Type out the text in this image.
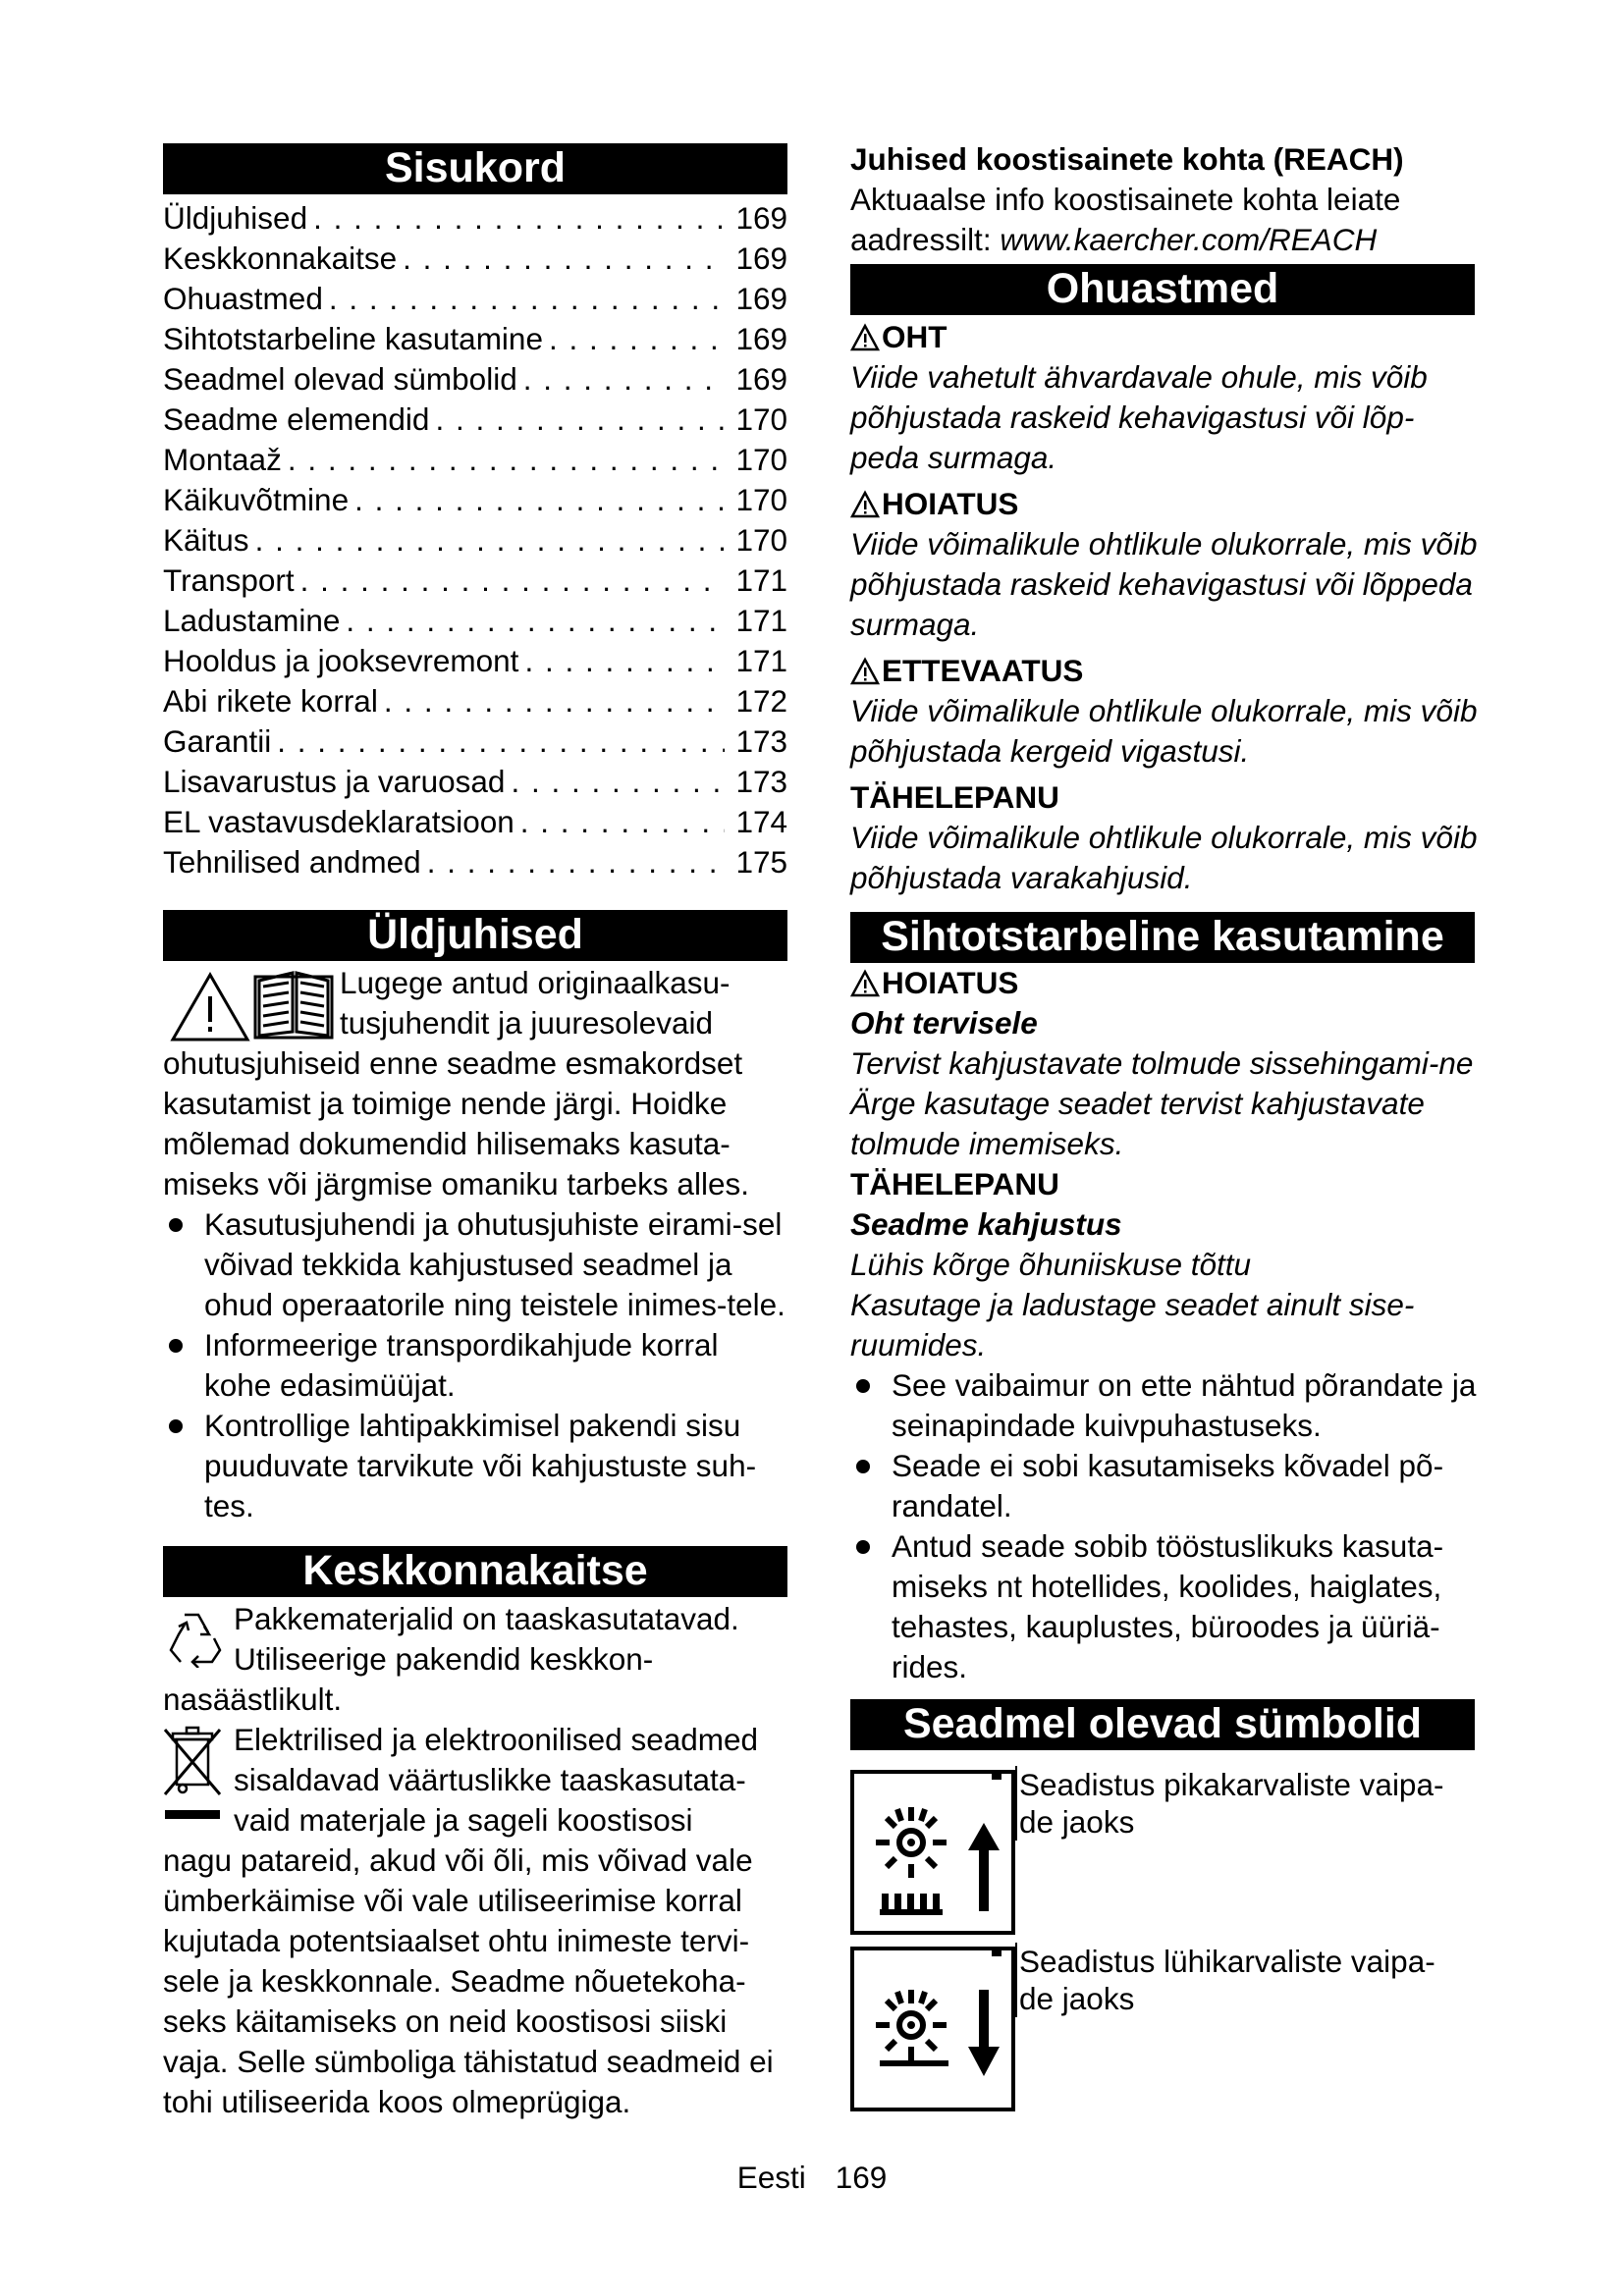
Sisukord
Üldjuhised . . .	169
Keskkonnakaitse . . .	169
Ohuastmed . . .	169
Sihtotstarbeline kasutamine . . .	169
Seadmel olevad sümbolid . . .	169
Seadme elemendid . . .	170
Montaaž . . .	170
Käikuvõtmine . . .	170
Käitus . . .	170
Transport . . .	171
Ladustamine . . .	171
Hooldus ja jooksevremont . . .	171
Abi rikete korral . . .	172
Garantii . . .	173
Lisavarustus ja varuosad . . .	173
EL vastavusdeklaratsioon . . .	174
Tehnilised andmed . . .	175
Üldjuhised
Lugege antud originaalkasu-
tusjuhendit ja juuresolevaid
ohutusjuhiseid enne seadme esmakordset kasutamist ja toimige nende järgi. Hoidke mõlemad dokumendid hilisemaks kasuta-miseks või järgmise omaniku tarbeks alles.
Kasutusjuhendi ja ohutusjuhiste eirami-sel võivad tekkida kahjustused seadmel ja ohud operaatorile ning teistele inimes-tele.
Informeerige transpordikahjude korral kohe edasimüüjat.
Kontrollige lahtipakkimisel pakendi sisu puuduvate tarvikute või kahjustuste suh-tes.
Keskkonnakaitse
Pakkematerjalid on taaskasutatavad.
Utiliseerige pakendid keskkon-
nasäästlikult.
Elektrilised ja elektroonilised seadmed
sisaldavad väärtuslikke taaskasutata-
vaid materjale ja sageli koostisosi
nagu patareid, akud või õli, mis võivad vale ümberkäimise või vale utiliseerimise korral kujutada potentsiaalset ohtu inimeste tervi-sele ja keskkonnale. Seadme nõuetekoha-seks käitamiseks on neid koostisosi siiski vaja. Selle sümboliga tähistatud seadmeid ei tohi utiliseerida koos olmeprügiga.
Juhised koostisainete kohta (REACH)
Aktuaalse info koostisainete kohta leiate aadressilt: www.kaercher.com/REACH
Ohuastmed
OHT
Viide vahetult ähvardavale ohule, mis võib põhjustada raskeid kehavigastusi või lõp-peda surmaga.
HOIATUS
Viide võimalikule ohtlikule olukorrale, mis võib põhjustada raskeid kehavigastusi või lõppeda surmaga.
ETTEVAATUS
Viide võimalikule ohtlikule olukorrale, mis võib põhjustada kergeid vigastusi.
TÄHELEPANU
Viide võimalikule ohtlikule olukorrale, mis võib põhjustada varakahjusid.
Sihtotstarbeline kasutamine
HOIATUS
Oht tervisele
Tervist kahjustavate tolmude sissehingami-ne
Ärge kasutage seadet tervist kahjustavate tolmude imemiseks.
TÄHELEPANU
Seadme kahjustus
Lühis kõrge õhuniiskuse tõttu
Kasutage ja ladustage seadet ainult sise-ruumides.
See vaibaimur on ette nähtud põrandate ja seinapindade kuivpuhastuseks.
Seade ei sobi kasutamiseks kõvadel põ-randatel.
Antud seade sobib tööstuslikuks kasuta-miseks nt hotellides, koolides, haiglates, tehastes, kauplustes, büroodes ja üüriä-rides.
Seadmel olevad sümbolid
Seadistus pikakarvaliste vaipa-de jaoks
Seadistus lühikarvaliste vaipa-de jaoks
Eesti 169
